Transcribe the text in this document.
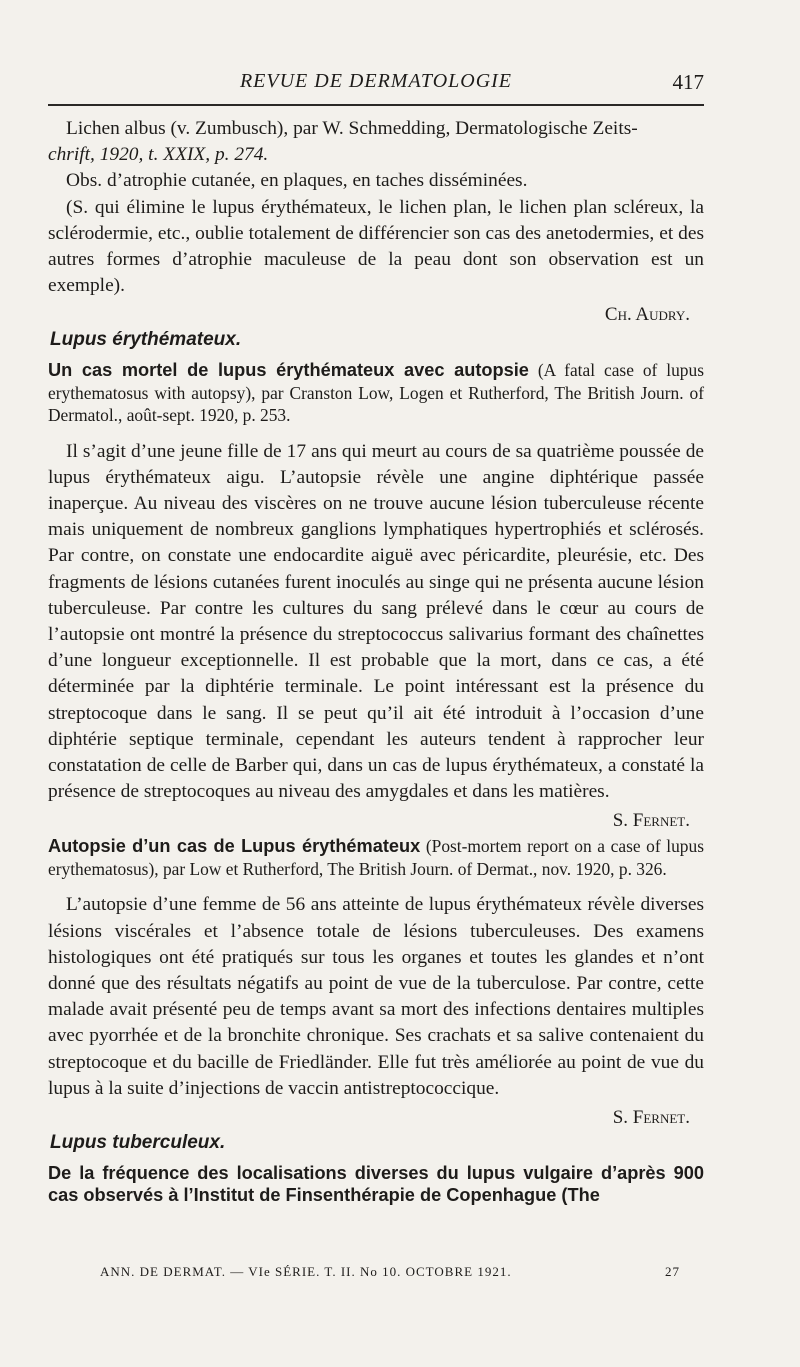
REVUE DE DERMATOLOGIE	417

Lichen albus (v. Zumbusch), par W. Schmedding, Dermatologische Zeits-

chrift, 1920, t. XXIX, p. 274.

Obs. d’atrophie cutanée, en plaques, en taches disséminées.

(S. qui élimine le lupus érythémateux, le lichen plan, le lichen plan scléreux, la sclérodermie, etc., oublie totalement de différencier son cas des anetodermies, et des autres formes d’atrophie maculeuse de la peau dont son observation est un exemple).

Ch. Audry.
Lupus érythémateux.
Un cas mortel de lupus érythémateux avec autopsie (A fatal case of lupus erythematosus with autopsy), par Cranston Low, Logen et Rutherford, The British Journ. of Dermatol., août-sept. 1920, p. 253.

Il s’agit d’une jeune fille de 17 ans qui meurt au cours de sa quatrième poussée de lupus érythémateux aigu. L’autopsie révèle une angine diphtérique passée inaperçue. Au niveau des viscères on ne trouve aucune lésion tuberculeuse récente mais uniquement de nombreux ganglions lymphatiques hypertrophiés et sclérosés. Par contre, on constate une endocardite aiguë avec péricardite, pleurésie, etc. Des fragments de lésions cutanées furent inoculés au singe qui ne présenta aucune lésion tuberculeuse. Par contre les cultures du sang prélevé dans le cœur au cours de l’autopsie ont montré la présence du streptococcus salivarius formant des chaînettes d’une longueur exceptionnelle. Il est probable que la mort, dans ce cas, a été déterminée par la diphtérie terminale. Le point intéressant est la présence du streptocoque dans le sang. Il se peut qu’il ait été introduit à l’occasion d’une diphtérie septique terminale, cependant les auteurs tendent à rapprocher leur constatation de celle de Barber qui, dans un cas de lupus érythémateux, a constaté la présence de streptocoques au niveau des amygdales et dans les matières.

S. Fernet.
Autopsie d’un cas de Lupus érythémateux (Post-mortem report on a case of lupus erythematosus), par Low et Rutherford, The British Journ. of Dermat., nov. 1920, p. 326.

L’autopsie d’une femme de 56 ans atteinte de lupus érythémateux révèle diverses lésions viscérales et l’absence totale de lésions tuberculeuses. Des examens histologiques ont été pratiqués sur tous les organes et toutes les glandes et n’ont donné que des résultats négatifs au point de vue de la tuberculose. Par contre, cette malade avait présenté peu de temps avant sa mort des infections dentaires multiples avec pyorrhée et de la bronchite chronique. Ses crachats et sa salive contenaient du streptocoque et du bacille de Friedländer. Elle fut très améliorée au point de vue du lupus à la suite d’injections de vaccin antistreptococcique.

S. Fernet.
Lupus tuberculeux.
De la fréquence des localisations diverses du lupus vulgaire d’après 900 cas observés à l’Institut de Finsenthérapie de Copenhague (The
ANN. DE DERMAT. — VIe SÉRIE. T. II. No 10. OCTOBRE 1921.	27
